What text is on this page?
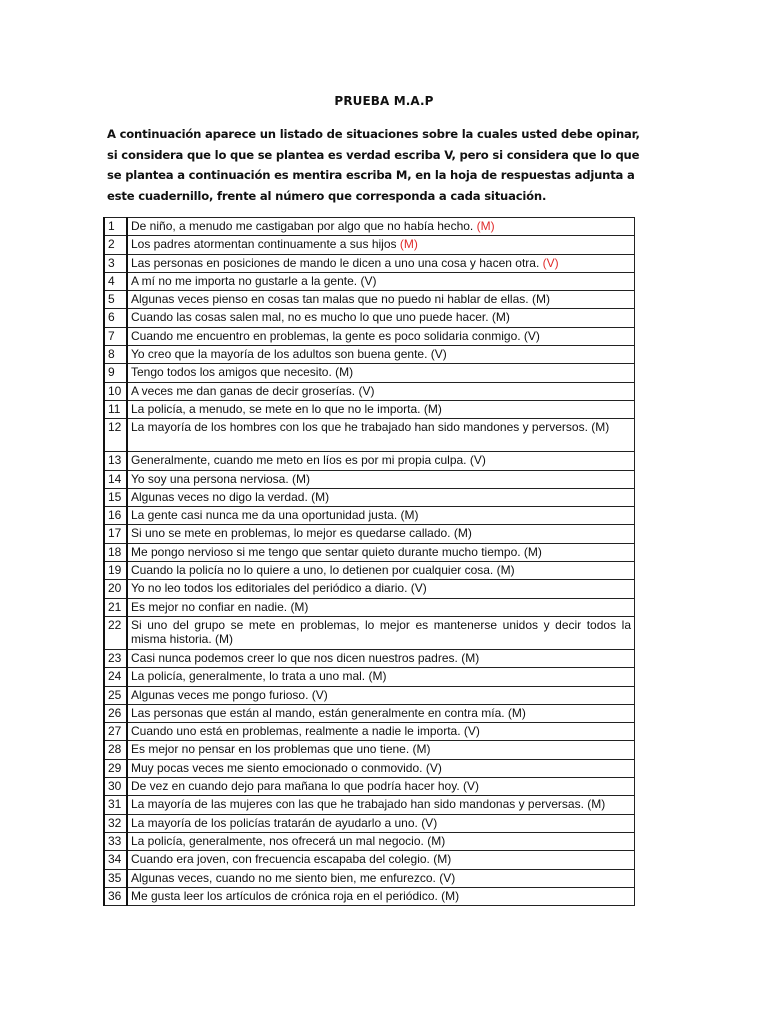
PRUEBA M.A.P

A continuación aparece un listado de situaciones sobre la cuales usted debe opinar, si considera que lo que se plantea es verdad escriba V, pero si considera que lo que se plantea a continuación es mentira escriba M, en la hoja de respuestas adjunta a este cuadernillo, frente al número que corresponda a cada situación.

1	De niño, a menudo me castigaban por algo que no había hecho. (M)
2	Los padres atormentan continuamente a sus hijos (M)
3	Las personas en posiciones de mando le dicen a uno una cosa y hacen otra. (V)
4	A mí no me importa no gustarle a la gente. (V)
5	Algunas veces pienso en cosas tan malas que no puedo ni hablar de ellas. (M)
6	Cuando las cosas salen mal, no es mucho lo que uno puede hacer. (M)
7	Cuando me encuentro en problemas, la gente es poco solidaria conmigo. (V)
8	Yo creo que la mayoría de los adultos son buena gente. (V)
9	Tengo todos los amigos que necesito. (M)
10	A veces me dan ganas de decir groserías. (V)
11	La policía, a menudo, se mete en lo que no le importa. (M)
12	La mayoría de los hombres con los que he trabajado han sido mandones y perversos. (M)
13	Generalmente, cuando me meto en líos es por mi propia culpa. (V)
14	Yo soy una persona nerviosa. (M)
15	Algunas veces no digo la verdad. (M)
16	La gente casi nunca me da una oportunidad justa. (M)
17	Si uno se mete en problemas, lo mejor es quedarse callado. (M)
18	Me pongo nervioso si me tengo que sentar quieto durante mucho tiempo. (M)
19	Cuando la policía no lo quiere a uno, lo detienen por cualquier cosa. (M)
20	Yo no leo todos los editoriales del periódico a diario. (V)
21	Es mejor no confiar en nadie. (M)
22	Si uno del grupo se mete en problemas, lo mejor es mantenerse unidos y decir todos la misma historia. (M)
23	Casi nunca podemos creer lo que nos dicen nuestros padres. (M)
24	La policía, generalmente, lo trata a uno mal. (M)
25	Algunas veces me pongo furioso. (V)
26	Las personas que están al mando, están generalmente en contra mía. (M)
27	Cuando uno está en problemas, realmente a nadie le importa. (V)
28	Es mejor no pensar en los problemas que uno tiene. (M)
29	Muy pocas veces me siento emocionado o conmovido. (V)
30	De vez en cuando dejo para mañana lo que podría hacer hoy. (V)
31	La mayoría de las mujeres con las que he trabajado han sido mandonas y perversas. (M)
32	La mayoría de los policías tratarán de ayudarlo a uno. (V)
33	La policía, generalmente, nos ofrecerá un mal negocio. (M)
34	Cuando era joven, con frecuencia escapaba del colegio. (M)
35	Algunas veces, cuando no me siento bien, me enfurezco. (V)
36	Me gusta leer los artículos de crónica roja en el periódico. (M)
